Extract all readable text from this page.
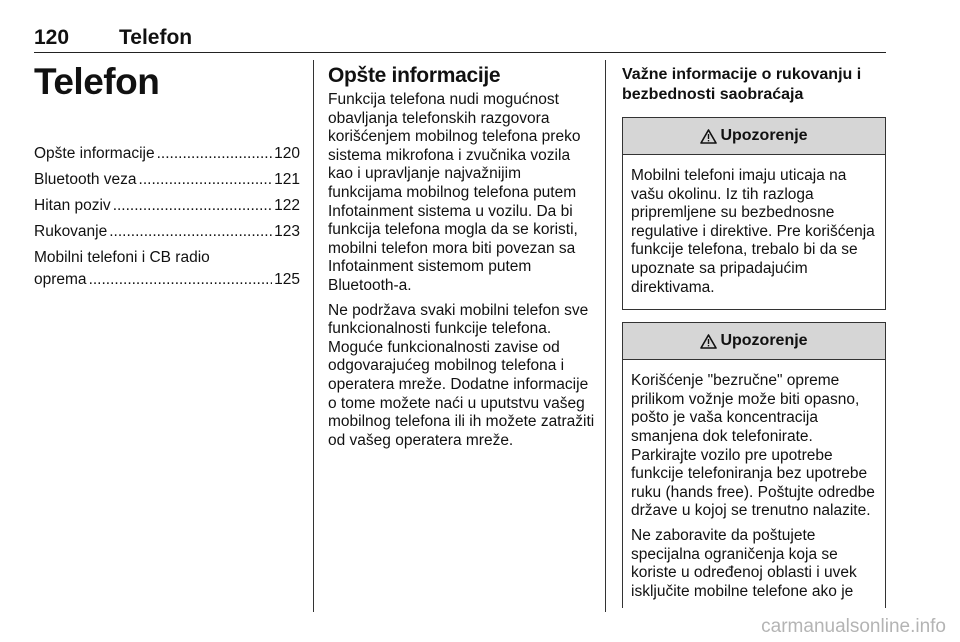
120 Telefon
Telefon
Opšte informacije .....	120
Bluetooth veza .....	121
Hitan poziv .....	122
Rukovanje .....	123
Mobilni telefoni i CB radio
oprema .....	125
Opšte informacije

Funkcija telefona nudi mogućnost obavljanja telefonskih razgovora korišćenjem mobilnog telefona preko sistema mikrofona i zvučnika vozila kao i upravljanje najvažnijim funkcijama mobilnog telefona putem Infotainment sistema u vozilu. Da bi funkcija telefona mogla da se koristi, mobilni telefon mora biti povezan sa Infotainment sistemom putem Bluetooth-a.

Ne podržava svaki mobilni telefon sve funkcionalnosti funkcije telefona. Moguće funkcionalnosti zavise od odgovarajućeg mobilnog telefona i operatera mreže. Dodatne informacije o tome možete naći u uputstvu vašeg mobilnog telefona ili ih možete zatražiti od vašeg operatera mreže.

Važne informacije o rukovanju i bezbednosti saobraćaja
Upozorenje

Mobilni telefoni imaju uticaja na vašu okolinu. Iz tih razloga pripremljene su bezbednosne regulative i direktive. Pre korišćenja funkcije telefona, trebalo bi da se upoznate sa pripadajućim direktivama.

Upozorenje

Korišćenje "bezručne" opreme prilikom vožnje može biti opasno, pošto je vaša koncentracija smanjena dok telefonirate. Parkirajte vozilo pre upotrebe funkcije telefoniranja bez upotrebe ruku (hands free). Poštujte odredbe države u kojoj se trenutno nalazite.

Ne zaboravite da poštujete specijalna ograničenja koja se koriste u određenoj oblasti i uvek isključite mobilne telefone ako je

carmanualsonline.info
